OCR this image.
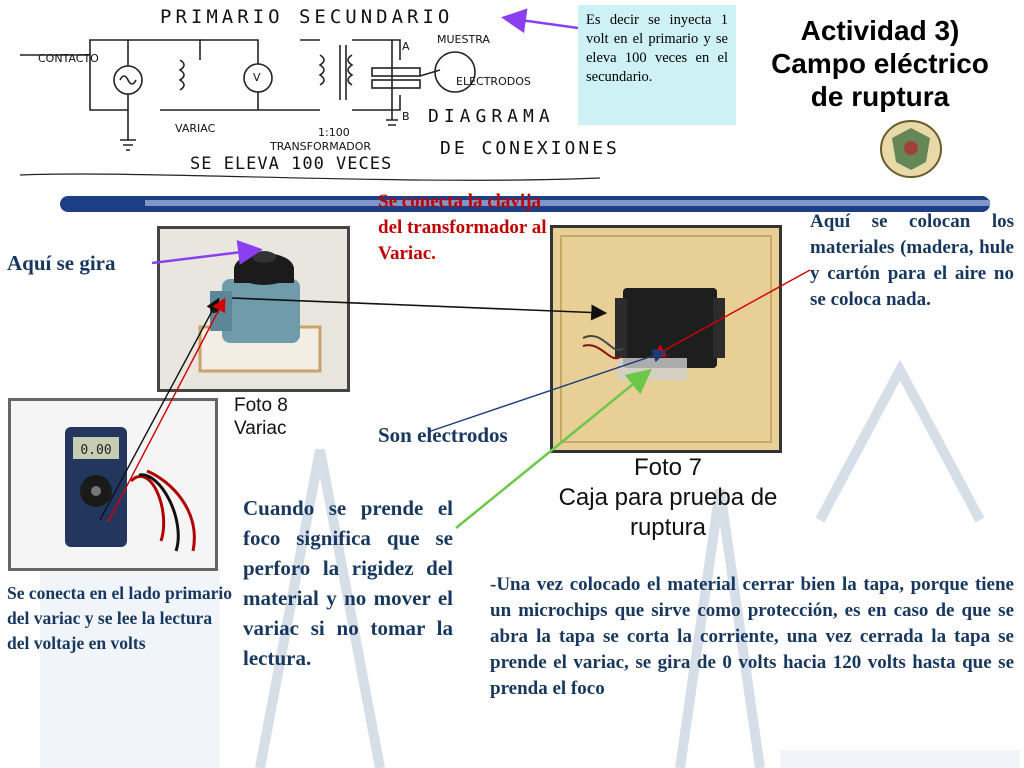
PRIMARIO SECUNDARIO
CONTACTO
MUESTRA
ELECTRODOS
VARIAC	1:100
TRANSFORMADOR
A
B
V
DIAGRAMA
DE CONEXIONES
SE ELEVA 100 VECES
Es decir se inyecta 1 volt en el primario y se eleva 100 veces en el secundario.
Actividad 3)
Campo eléctrico
de ruptura
Foto 8
Variac
0.00
Foto 7
Caja para prueba de
ruptura
Aquí se gira
Se conecta la clavija del transformador al Variac.
Aquí se colocan los materiales (madera, hule y cartón para el aire no se coloca nada.
Son electrodos
Cuando se prende el foco significa que se perforo la rigidez del material y no mover el variac si no tomar la lectura.
Se conecta en el lado primario del variac y se lee la lectura del voltaje en volts
-Una vez colocado el material cerrar bien la tapa, porque tiene un microchips que sirve como protección, es en caso de que se abra la tapa se corta la corriente, una vez cerrada la tapa se prende el variac, se gira de 0 volts hacia 120 volts hasta que se prenda el foco
